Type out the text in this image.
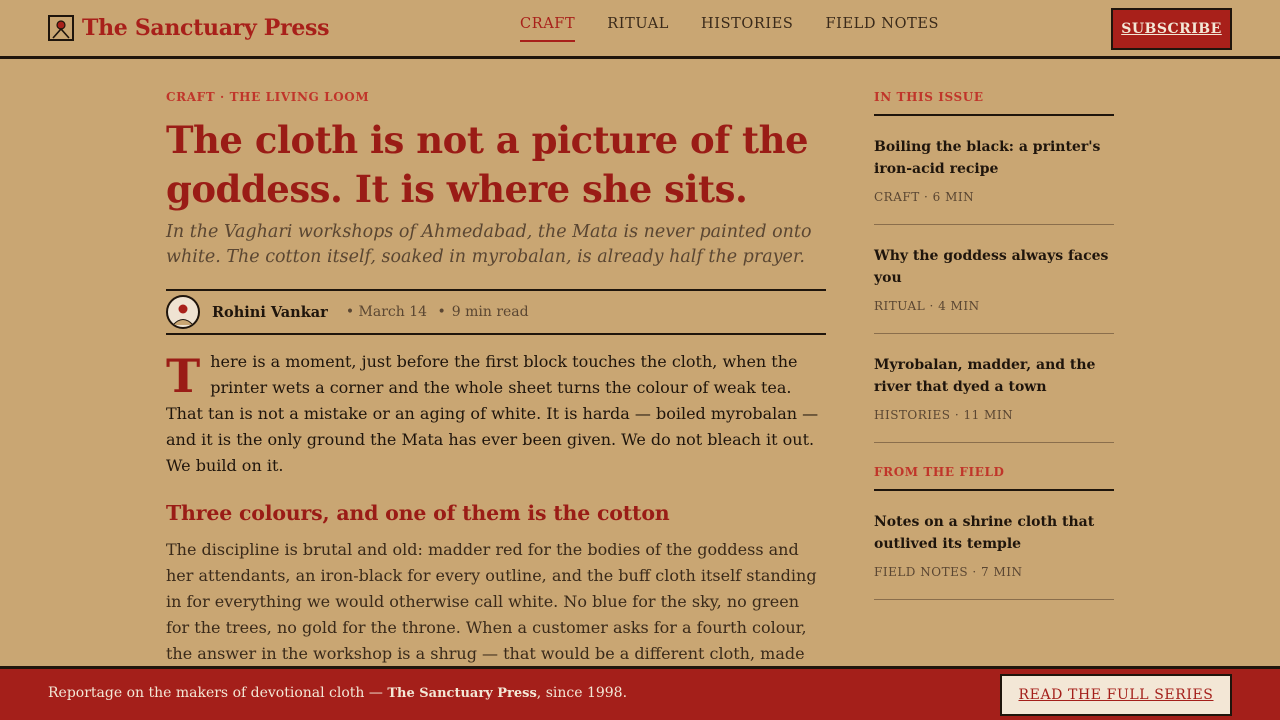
The Sanctuary Press	CRAFT RITUAL HISTORIES FIELD NOTES	SUBSCRIBE
CRAFT · THE LIVING LOOM
The cloth is not a picture of the goddess. It is where she sits.

In the Vaghari workshops of Ahmedabad, the Mata is never painted onto white. The cotton itself, soaked in myrobalan, is already half the prayer.

Rohini Vankar • March 14 • 9 min read

There is a moment, just before the first block touches the cloth, when the printer wets a corner and the whole sheet turns the colour of weak tea. That tan is not a mistake or an aging of white. It is harda — boiled myrobalan — and it is the only ground the Mata has ever been given. We do not bleach it out. We build on it.

Three colours, and one of them is the cotton

The discipline is brutal and old: madder red for the bodies of the goddess and her attendants, an iron-black for every outline, and the buff cloth itself standing in for everything we would otherwise call white. No blue for the sky, no green for the trees, no gold for the throne. When a customer asks for a fourth colour, the answer in the workshop is a shrug — that would be a different cloth, made

IN THIS ISSUE
Boiling the black: a printer's iron-acid recipe
CRAFT · 6 MIN
Why the goddess always faces you
RITUAL · 4 MIN
Myrobalan, madder, and the river that dyed a town
HISTORIES · 11 MIN
FROM THE FIELD
Notes on a shrine cloth that outlived its temple
FIELD NOTES · 7 MIN
Reportage on the makers of devotional cloth — The Sanctuary Press, since 1998.	READ THE FULL SERIES
